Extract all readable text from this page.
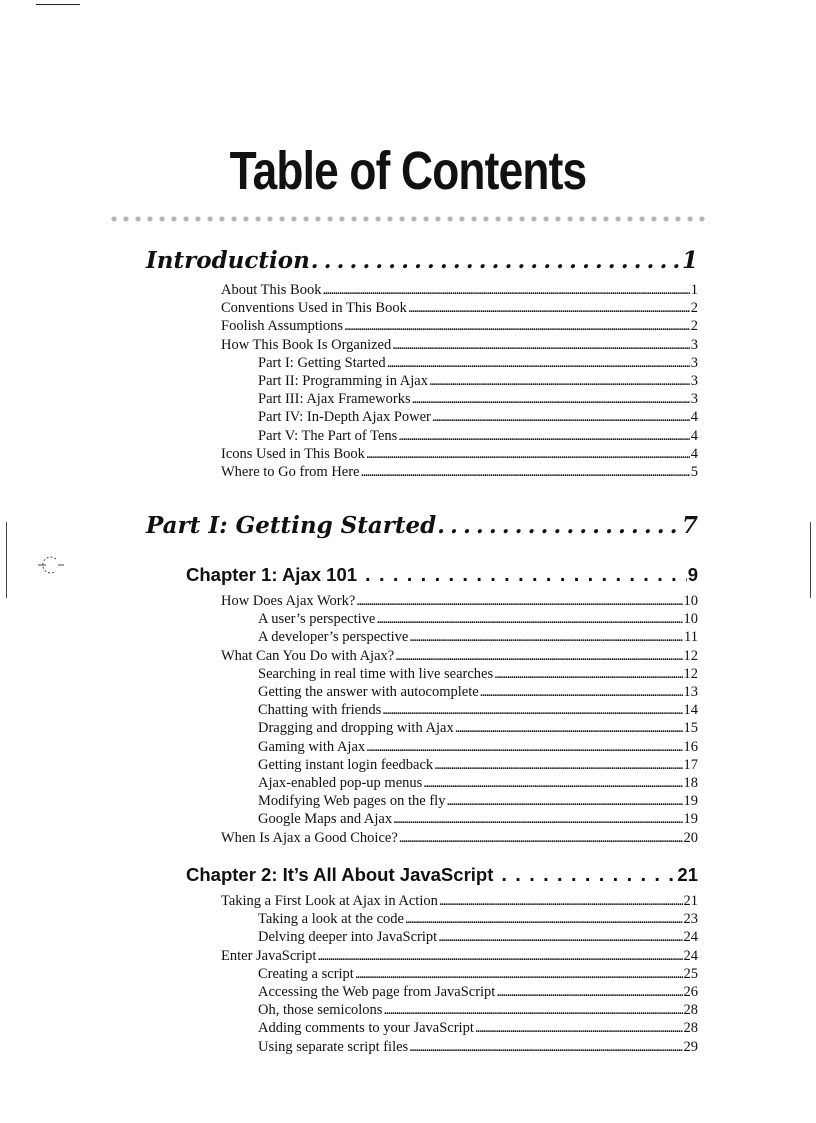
Table of Contents
Introduction . . .	1
About This Book . . .	1
Conventions Used in This Book . . .	2
Foolish Assumptions . . .	2
How This Book Is Organized . . .	3
Part I: Getting Started . . .	3
Part II: Programming in Ajax . . .	3
Part III: Ajax Frameworks . . .	3
Part IV: In-Depth Ajax Power . . .	4
Part V: The Part of Tens . . .	4
Icons Used in This Book . . .	4
Where to Go from Here . . .	5
Part I: Getting Started . . .	7
Chapter 1: Ajax 101 . . .	9
How Does Ajax Work? . . .	10
A user’s perspective . . .	10
A developer’s perspective . . .	11
What Can You Do with Ajax? . . .	12
Searching in real time with live searches . . .	12
Getting the answer with autocomplete . . .	13
Chatting with friends . . .	14
Dragging and dropping with Ajax . . .	15
Gaming with Ajax . . .	16
Getting instant login feedback . . .	17
Ajax-enabled pop-up menus . . .	18
Modifying Web pages on the fly . . .	19
Google Maps and Ajax . . .	19
When Is Ajax a Good Choice? . . .	20
Chapter 2: It’s All About JavaScript . . .	21
Taking a First Look at Ajax in Action . . .	21
Taking a look at the code . . .	23
Delving deeper into JavaScript . . .	24
Enter JavaScript . . .	24
Creating a script . . .	25
Accessing the Web page from JavaScript . . .	26
Oh, those semicolons . . .	28
Adding comments to your JavaScript . . .	28
Using separate script files . . .	29
